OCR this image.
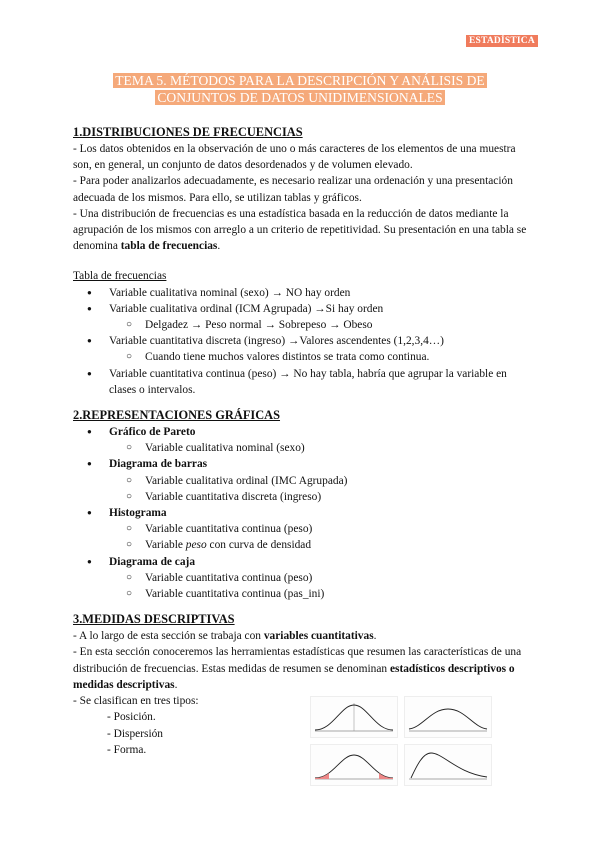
ESTADÍSTICA
TEMA 5. MÉTODOS PARA LA DESCRIPCIÓN Y ANÁLISIS DE
CONJUNTOS DE DATOS UNIDIMENSIONALES

1.DISTRIBUCIONES DE FRECUENCIAS

- Los datos obtenidos en la observación de uno o más caracteres de los elementos de una muestra son, en general, un conjunto de datos desordenados y de volumen elevado.

- Para poder analizarlos adecuadamente, es necesario realizar una ordenación y una presentación adecuada de los mismos. Para ello, se utilizan tablas y gráficos.

- Una distribución de frecuencias es una estadística basada en la reducción de datos mediante la agrupación de los mismos con arreglo a un criterio de repetitividad. Su presentación en una tabla se denomina tabla de frecuencias.

Tabla de frecuencias

● Variable cualitativa nominal (sexo) → NO hay orden
● Variable cualitativa ordinal (ICM Agrupada) →Si hay orden
○ Delgadez → Peso normal → Sobrepeso → Obeso
● Variable cuantitativa discreta (ingreso) →Valores ascendentes (1,2,3,4…)
○ Cuando tiene muchos valores distintos se trata como continua.
● Variable cuantitativa continua (peso) → No hay tabla, habría que agrupar la variable en clases o intervalos.

2.REPRESENTACIONES GRÁFICAS

● Gráfico de Pareto
○ Variable cualitativa nominal (sexo)
● Diagrama de barras
○ Variable cualitativa ordinal (IMC Agrupada)
○ Variable cuantitativa discreta (ingreso)
● Histograma
○ Variable cuantitativa continua (peso)
○ Variable peso con curva de densidad
● Diagrama de caja
○ Variable cuantitativa continua (peso)
○ Variable cuantitativa continua (pas_ini)

3.MEDIDAS DESCRIPTIVAS

- A lo largo de esta sección se trabaja con variables cuantitativas.

- En esta sección conoceremos las herramientas estadísticas que resumen las características de una distribución de frecuencias. Estas medidas de resumen se denominan estadísticos descriptivos o medidas descriptivas.

- Se clasifican en tres tipos:

- Posición.

- Dispersión

- Forma.
